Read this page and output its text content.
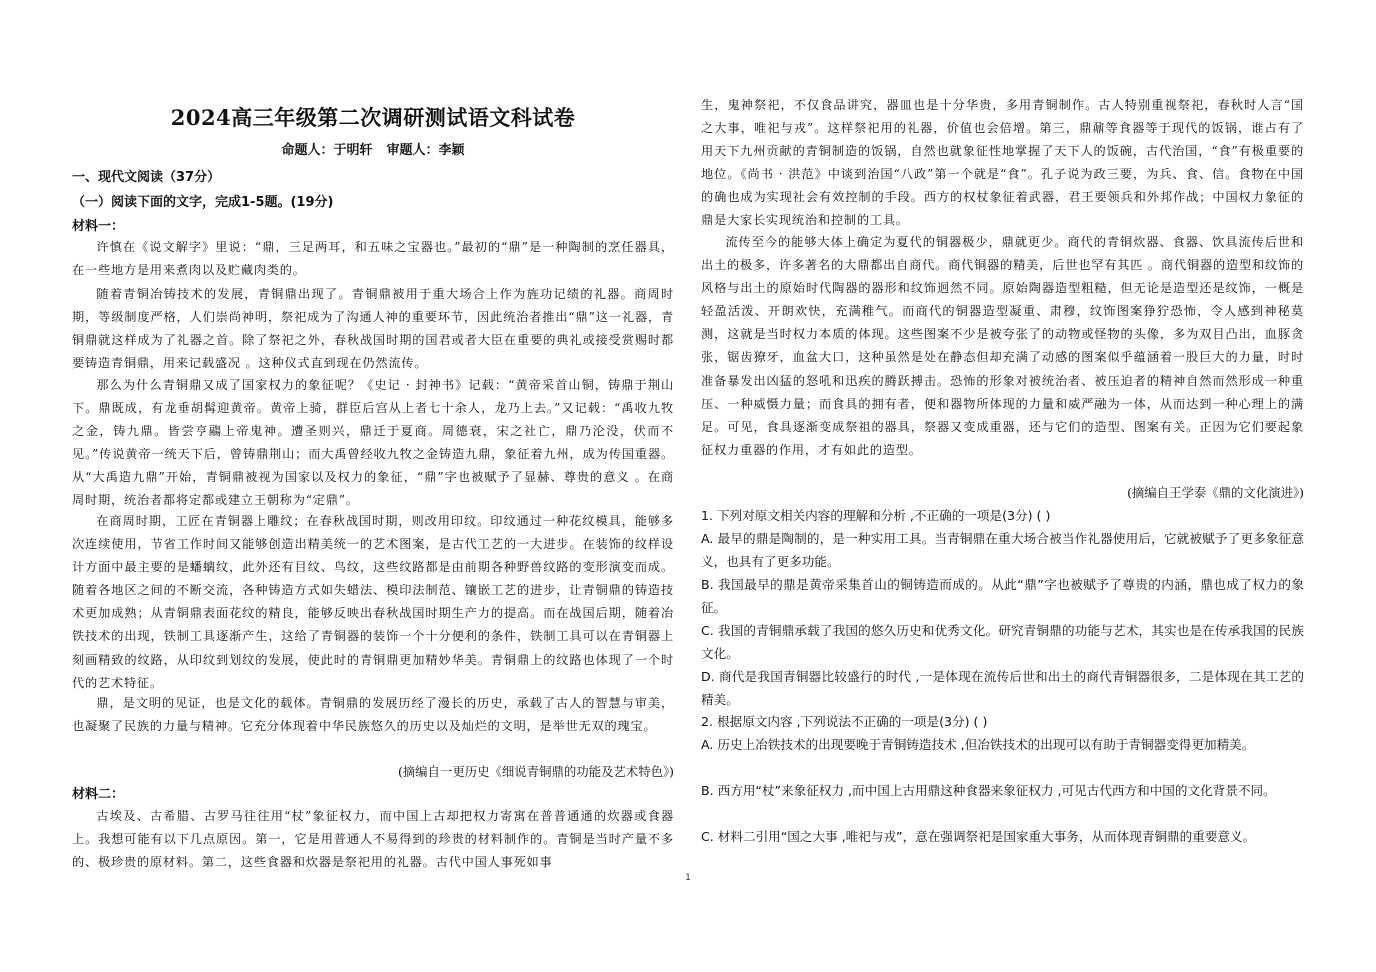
2024高三年级第二次调研测试语文科试卷
命题人：于明轩 审题人：李颖
一、现代文阅读（37分）
（一）阅读下面的文字，完成1-5题。(19分)
材料一：

许慎在《说文解字》里说：“鼎，三足两耳，和五味之宝器也。”最初的“鼎”是一种陶制的烹任器具，在一些地方是用来煮肉以及贮藏肉类的。

随着青铜冶铸技术的发展，青铜鼎出现了。青铜鼎被用于重大场合上作为旌功记绩的礼器。商周时期，等级制度严格，人们崇尚神明，祭祀成为了沟通人神的重要环节，因此统治者推出“鼎”这一礼器，青铜鼎就这样成为了礼器之首。除了祭祀之外，春秋战国时期的国君或者大臣在重要的典礼或接受赏赐时都要铸造青铜鼎，用来记载盛况 。这种仪式直到现在仍然流传。

那么为什么青铜鼎又成了国家权力的象征呢？《史记 · 封神书》记载：“黄帝采首山铜，铸鼎于荆山下。鼎既成，有龙垂胡髯迎黄帝。黄帝上骑，群臣后宫从上者七十余人，龙乃上去。”又记载：“禹收九牧之金，铸九鼎。皆尝亨鬺上帝鬼神。遭圣则兴，鼎迁于夏商。周德衰，宋之社亡，鼎乃沦没，伏而不见。”传说黄帝一统天下后，曾铸鼎荆山；而大禹曾经收九牧之金铸造九鼎，象征着九州，成为传国重器。从“大禹造九鼎”开始，青铜鼎被视为国家以及权力的象征，“鼎”字也被赋予了显赫、尊贵的意义 。在商周时期，统治者都将定都或建立王朝称为“定鼎”。

在商周时期，工匠在青铜器上雕纹；在春秋战国时期，则改用印纹。印纹通过一种花纹模具，能够多次连续使用，节省工作时间又能够创造出精美统一的艺术图案，是古代工艺的一大进步。在装饰的纹样设计方面中最主要的是蟠螭纹，此外还有目纹、鸟纹，这些纹路都是由前期各种野兽纹路的变形演变而成。随着各地区之间的不断交流，各种铸造方式如失蜡法、模印法制范、镶嵌工艺的进步，让青铜鼎的铸造技术更加成熟；从青铜鼎表面花纹的精良，能够反映出春秋战国时期生产力的提高。而在战国后期，随着冶铁技术的出现，铁制工具逐渐产生，这给了青铜器的装饰一个十分便利的条件，铁制工具可以在青铜器上刻画精致的纹路，从印纹到划纹的发展，使此时的青铜鼎更加精妙华美。青铜鼎上的纹路也体现了一个时代的艺术特征。

鼎，是文明的见证，也是文化的载体。青铜鼎的发展历经了漫长的历史，承载了古人的智慧与审美，也凝聚了民族的力量与精神。它充分体现着中华民族悠久的历史以及灿烂的文明，是举世无双的瑰宝。

(摘编自一更历史《细说青铜鼎的功能及艺术特色》)
材料二：

古埃及、古希腊、古罗马往往用“杖”象征权力，而中国上古却把权力寄寓在普普通通的炊器或食器上。我想可能有以下几点原因。第一，它是用普通人不易得到的珍贵的材料制作的。青铜是当时产量不多的、极珍贵的原材料。第二，这些食器和炊器是祭祀用的礼器。古代中国人事死如事

生，鬼神祭祀，不仅食品讲究，器皿也是十分华贵，多用青铜制作。古人特别重视祭祀，春秋时人言“国之大事，唯祀与戎”。这样祭祀用的礼器，价值也会倍增。第三，鼎鼐等食器等于现代的饭锅，谁占有了用天下九州贡献的青铜制造的饭锅，自然也就象征性地掌握了天下人的饭碗，古代治国，“食”有极重要的地位。《尚书 · 洪范》中谈到治国“八政”第一个就是“食”。孔子说为政三要，为兵、食、信。食物在中国的确也成为实现社会有效控制的手段。西方的权杖象征着武器，君王要领兵和外邦作战；中国权力象征的鼎是大家长实现统治和控制的工具。

流传至今的能够大体上确定为夏代的铜器极少，鼎就更少。商代的青铜炊器、食器、饮具流传后世和出土的极多，许多著名的大鼎都出自商代。商代铜器的精美，后世也罕有其匹 。商代铜器的造型和纹饰的风格与出土的原始时代陶器的器形和纹饰迥然不同。原始陶器造型粗糙，但无论是造型还是纹饰，一概是轻盈活泼、开朗欢快，充满稚气。而商代的铜器造型凝重、肃穆，纹饰图案狰狞恐怖，令人感到神秘莫测，这就是当时权力本质的体现。这些图案不少是被夸张了的动物或怪物的头像，多为双目凸出，血豚贪张，锯齿獠牙，血盆大口，这种虽然是处在静态但却充满了动感的图案似乎蕴涵着一股巨大的力量，时时准备暴发出凶猛的怒吼和迅疾的腾跃搏击。恐怖的形象对被统治者、被压迫者的精神自然而然形成一种重压、一种威慑力量；而食具的拥有者，便和器物所体现的力量和威严融为一体，从而达到一种心理上的满足。可见，食具逐渐变成祭祖的器具，祭器又变成重器，还与它们的造型、图案有关。正因为它们要起象征权力重器的作用，才有如此的造型。

(摘编自王学泰《鼎的文化演进》)

1. 下列对原文相关内容的理解和分析 ,不正确的一项是(3分) ( )

A. 最早的鼎是陶制的，是一种实用工具。当青铜鼎在重大场合被当作礼器使用后，它就被赋予了更多象征意义，也具有了更多功能。

B. 我国最早的鼎是黄帝采集首山的铜铸造而成的。从此“鼎”字也被赋予了尊贵的内涵，鼎也成了权力的象征。

C. 我国的青铜鼎承载了我国的悠久历史和优秀文化。研究青铜鼎的功能与艺术，其实也是在传承我国的民族文化。

D. 商代是我国青铜器比较盛行的时代 ,一是体现在流传后世和出土的商代青铜器很多，二是体现在其工艺的精美。

2. 根据原文内容 ,下列说法不正确的一项是(3分) ( )

A. 历史上冶铁技术的出现要晚于青铜铸造技术 ,但冶铁技术的出现可以有助于青铜器变得更加精美。

B. 西方用“杖”来象征权力 ,而中国上古用鼎这种食器来象征权力 ,可见古代西方和中国的文化背景不同。

C. 材料二引用“国之大事 ,唯祀与戎”，意在强调祭祀是国家重大事务，从而体现青铜鼎的重要意义。

1
